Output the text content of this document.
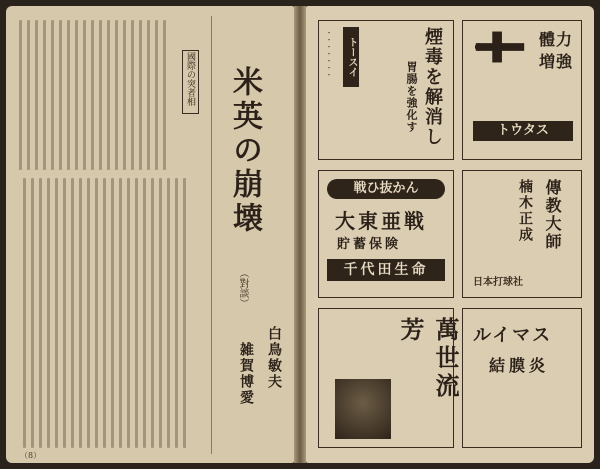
國際の突者相 米英の崩壊
（對談）
白鳥敏夫
雑賀博愛
（8）
・・・・・・・	トースイ	煙毒を解消し
胃腸を強化す
體力
増強
トウタス
戦ひ抜かん
大東亜戦
貯蓄保険
千代田生命
傳教大師
楠木正成
日本打球社
萬世流芳	ルイマス
結膜炎
